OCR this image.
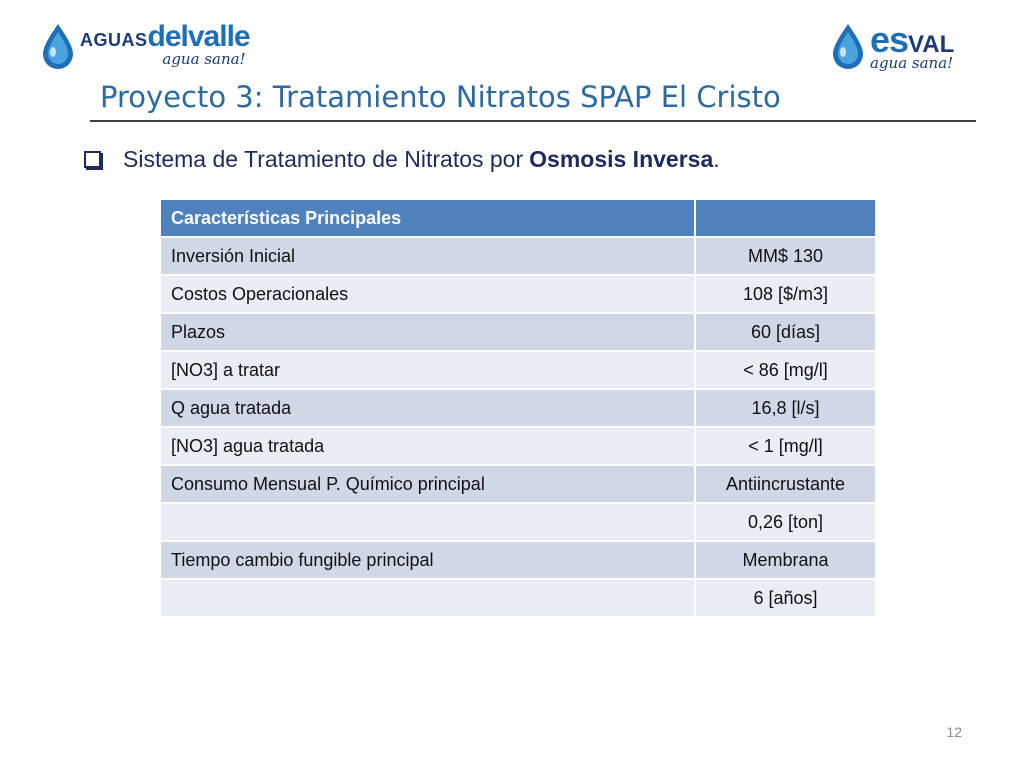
AGUASdelvalle
agua sana!	esVAL
agua sana!
Proyecto 3: Tratamiento Nitratos SPAP El Cristo
Sistema de Tratamiento de Nitratos por Osmosis Inversa .
Características Principales	
Inversión Inicial	MM$ 130
Costos Operacionales	108 [$/m3]
Plazos	60 [días]
[NO3] a tratar	< 86 [mg/l]
Q agua tratada	16,8 [l/s]
[NO3] agua tratada	< 1 [mg/l]
Consumo Mensual P. Químico principal	Antiincrustante
	0,26 [ton]
Tiempo cambio fungible principal	Membrana
	6 [años]
12
